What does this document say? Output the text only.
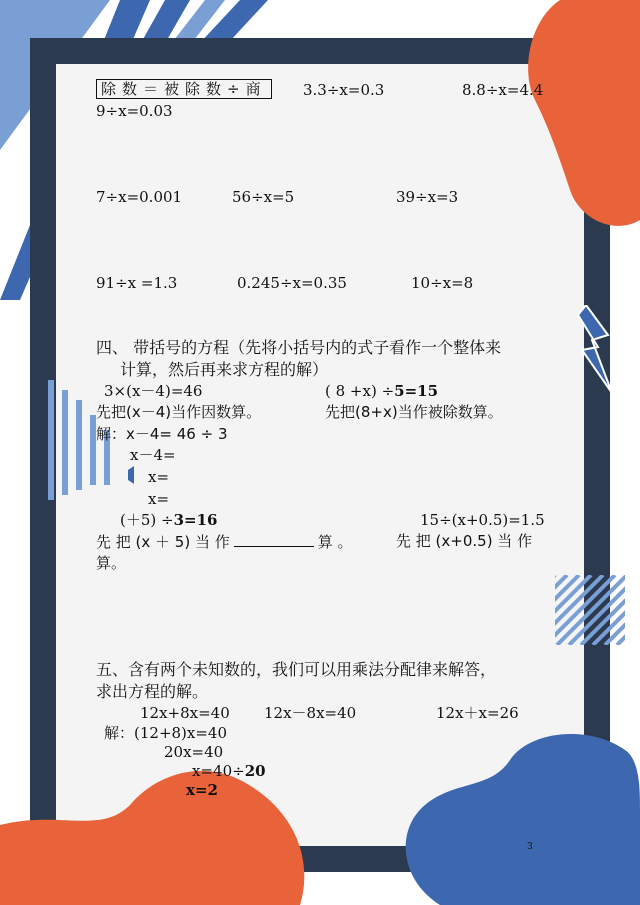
除数＝被除数÷商	3.3÷x=0.3	8.8÷x=4.4
9÷x=0.03
7÷x=0.001	56÷x=5	39÷x=3
91÷x =1.3	0.245÷x=0.35	10÷x=8
四、 带括号的方程（先将小括号内的式子看作一个整体来
计算，然后再来求方程的解）
3×(x－4)=46	( 8 +x) ÷5=15
先把(x－4)当作因数算。	先把(8+x)当作被除数算。
解：x－4= 46 ÷ 3
x－4=
x=
x=
(＋5) ÷3=16	15÷(x+0.5)=1.5
先 把 (x ＋ 5) 当 作	算 。	先 把 (x+0.5) 当 作
算。
五、含有两个未知数的，我们可以用乘法分配律来解答，
求出方程的解。
12x+8x=40 12x－8x=40	12x＋x=26
解：(12+8)x=40
20x=40
x=40÷20
x=2
3
